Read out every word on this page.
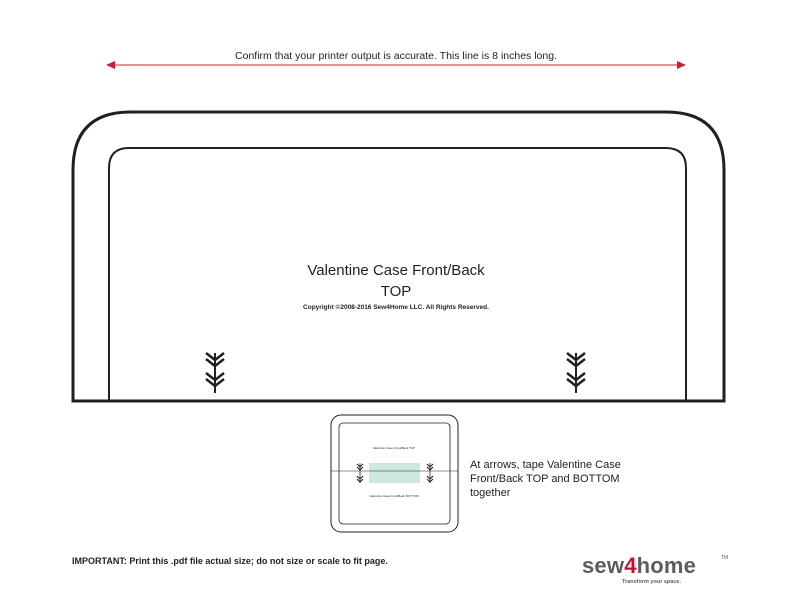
Confirm that your printer output is accurate. This line is 8 inches long.
Valentine Case Front/Back
TOP
Copyright ©2008-2016 Sew4Home LLC. All Rights Reserved.
Valentine Case Front/Back TOP
Valentine Case Front/Back BOTTOM
At arrows, tape Valentine Case Front/Back TOP and BOTTOM together
IMPORTANT: Print this .pdf file actual size; do not size or scale to fit page.	sew4home	TM
Transform your space.
